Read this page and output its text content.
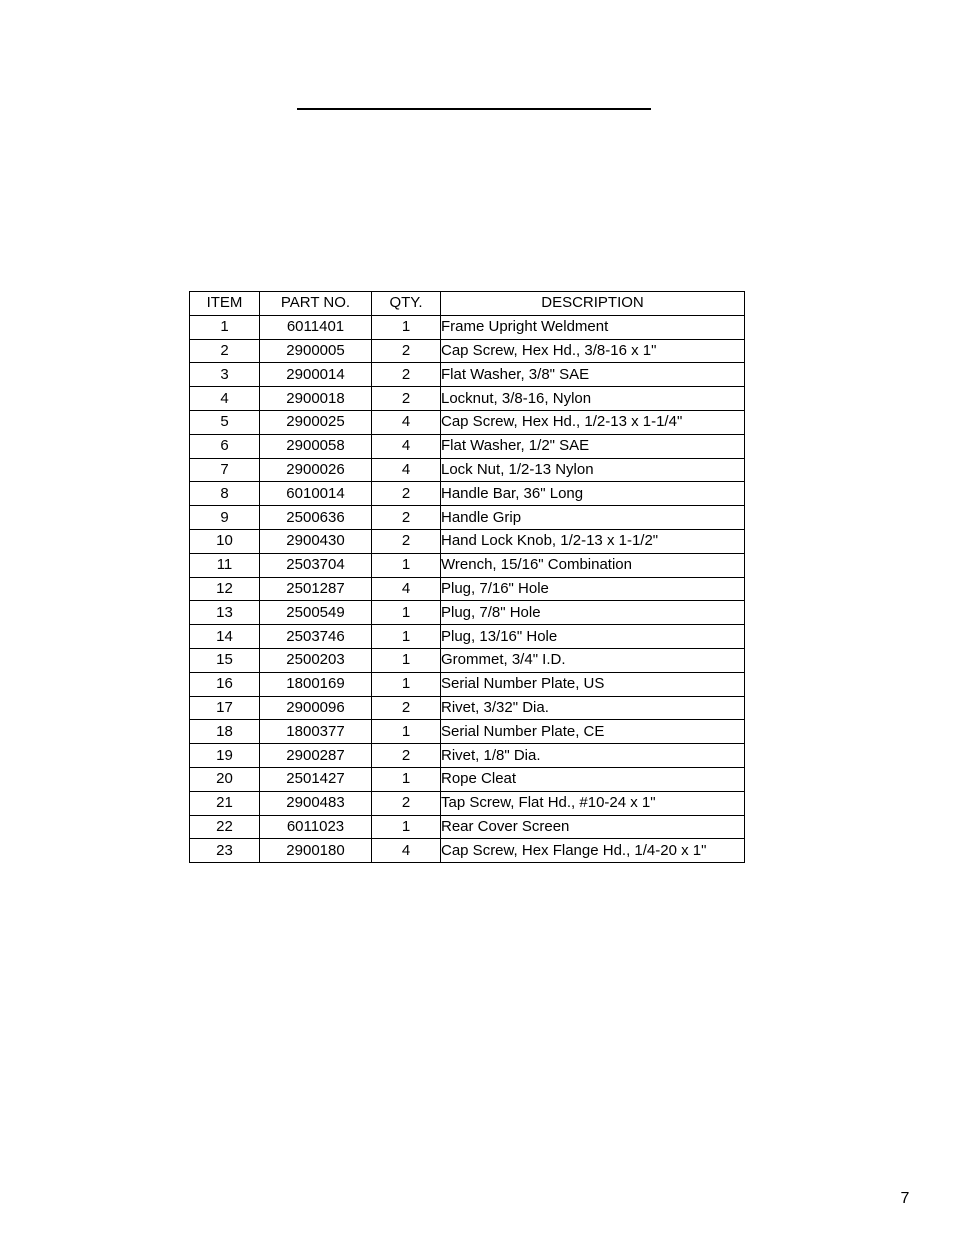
ITEM	PART NO.	QTY.	DESCRIPTION
1	6011401	1	Frame Upright Weldment
2	2900005	2	Cap Screw, Hex Hd., 3/8-16 x 1"
3	2900014	2	Flat Washer, 3/8" SAE
4	2900018	2	Locknut, 3/8-16, Nylon
5	2900025	4	Cap Screw, Hex Hd., 1/2-13 x 1-1/4"
6	2900058	4	Flat Washer, 1/2" SAE
7	2900026	4	Lock Nut, 1/2-13 Nylon
8	6010014	2	Handle Bar, 36" Long
9	2500636	2	Handle Grip
10	2900430	2	Hand Lock Knob, 1/2-13 x 1-1/2"
11	2503704	1	Wrench, 15/16" Combination
12	2501287	4	Plug, 7/16" Hole
13	2500549	1	Plug, 7/8" Hole
14	2503746	1	Plug, 13/16" Hole
15	2500203	1	Grommet, 3/4" I.D.
16	1800169	1	Serial Number Plate, US
17	2900096	2	Rivet, 3/32" Dia.
18	1800377	1	Serial Number Plate, CE
19	2900287	2	Rivet, 1/8" Dia.
20	2501427	1	Rope Cleat
21	2900483	2	Tap Screw, Flat Hd., #10-24 x 1"
22	6011023	1	Rear Cover Screen
23	2900180	4	Cap Screw, Hex Flange Hd., 1/4-20 x 1"
7
